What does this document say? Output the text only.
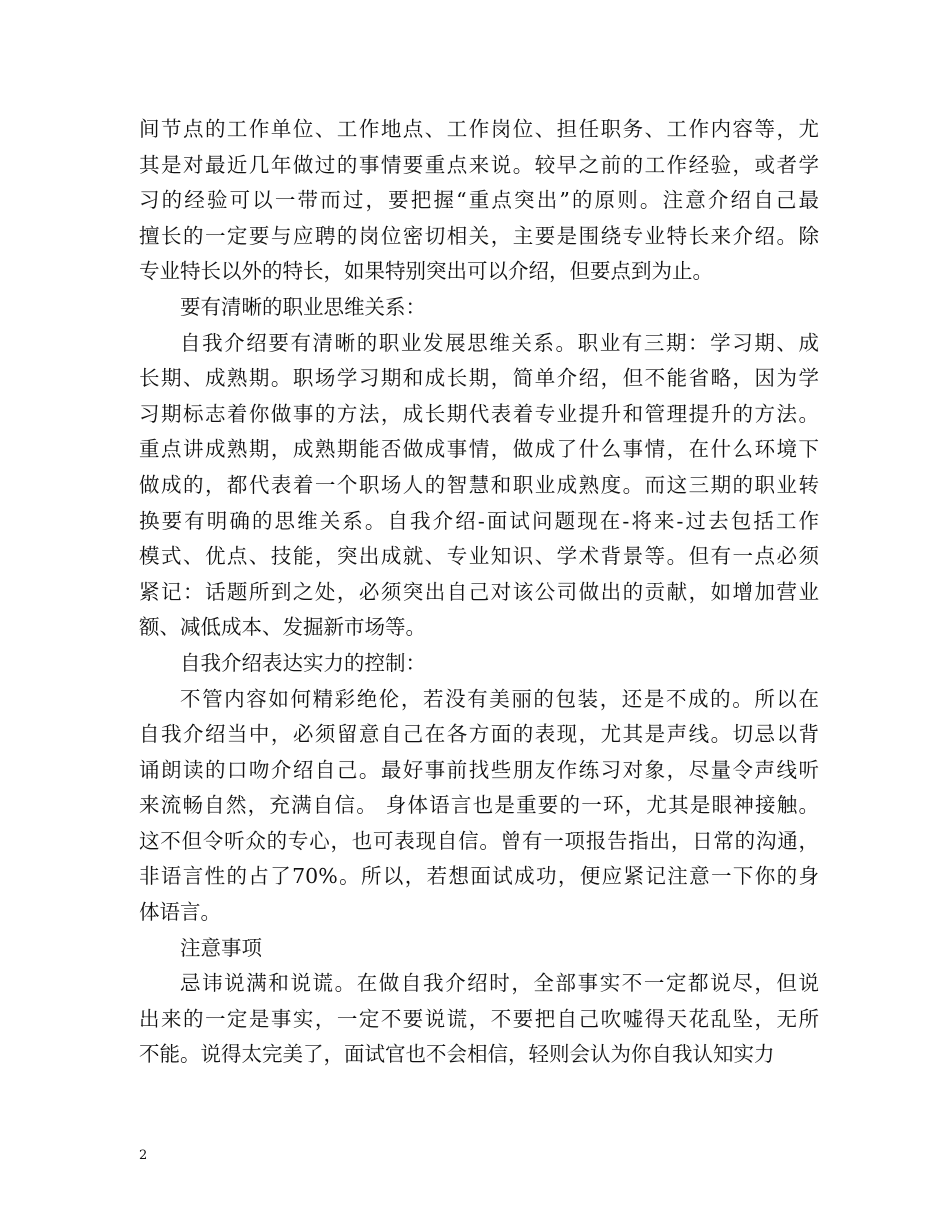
间节点的工作单位、工作地点、工作岗位、担任职务、工作内容等，尤
其是对最近几年做过的事情要重点来说。较早之前的工作经验，或者学
习的经验可以一带而过，要把握“重点突出”的原则。注意介绍自己最
擅长的一定要与应聘的岗位密切相关，主要是围绕专业特长来介绍。除
专业特长以外的特长，如果特别突出可以介绍，但要点到为止。
要有清晰的职业思维关系：
自我介绍要有清晰的职业发展思维关系。职业有三期：学习期、成
长期、成熟期。职场学习期和成长期，简单介绍，但不能省略，因为学
习期标志着你做事的方法，成长期代表着专业提升和管理提升的方法。
重点讲成熟期，成熟期能否做成事情，做成了什么事情，在什么环境下
做成的，都代表着一个职场人的智慧和职业成熟度。而这三期的职业转
换要有明确的思维关系。自我介绍-面试问题现在-将来-过去包括工作
模式、优点、技能，突出成就、专业知识、学术背景等。但有一点必须
紧记：话题所到之处，必须突出自己对该公司做出的贡献，如增加营业
额、减低成本、发掘新市场等。
自我介绍表达实力的控制：
不管内容如何精彩绝伦，若没有美丽的包装，还是不成的。所以在
自我介绍当中，必须留意自己在各方面的表现，尤其是声线。切忌以背
诵朗读的口吻介绍自己。最好事前找些朋友作练习对象，尽量令声线听
来流畅自然，充满自信。 身体语言也是重要的一环，尤其是眼神接触。
这不但令听众的专心，也可表现自信。曾有一项报告指出，日常的沟通，
非语言性的占了70%。所以，若想面试成功，便应紧记注意一下你的身
体语言。
注意事项
忌讳说满和说谎。在做自我介绍时，全部事实不一定都说尽，但说
出来的一定是事实，一定不要说谎，不要把自己吹嘘得天花乱坠，无所
不能。说得太完美了，面试官也不会相信，轻则会认为你自我认知实力
2
